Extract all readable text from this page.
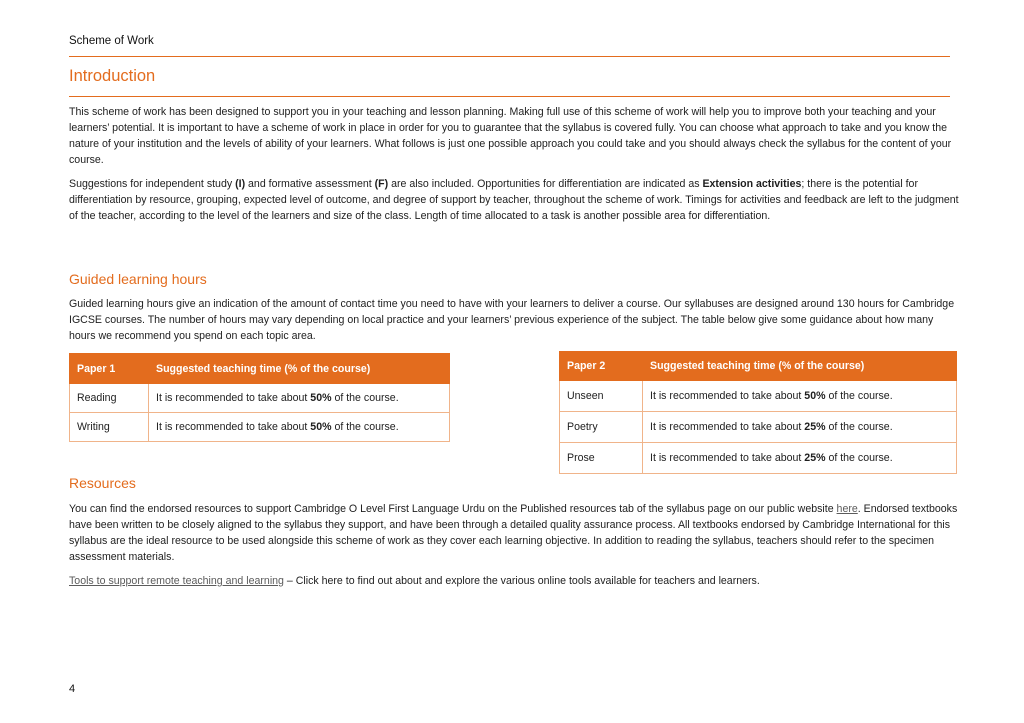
Scheme of Work
Introduction

This scheme of work has been designed to support you in your teaching and lesson planning. Making full use of this scheme of work will help you to improve both your teaching and your learners’ potential. It is important to have a scheme of work in place in order for you to guarantee that the syllabus is covered fully. You can choose what approach to take and you know the nature of your institution and the levels of ability of your learners. What follows is just one possible approach you could take and you should always check the syllabus for the content of your course.

Suggestions for independent study (I) and formative assessment (F) are also included. Opportunities for differentiation are indicated as Extension activities; there is the potential for differentiation by resource, grouping, expected level of outcome, and degree of support by teacher, throughout the scheme of work. Timings for activities and feedback are left to the judgment of the teacher, according to the level of the learners and size of the class. Length of time allocated to a task is another possible area for differentiation.

Guided learning hours

Guided learning hours give an indication of the amount of contact time you need to have with your learners to deliver a course. Our syllabuses are designed around 130 hours for Cambridge IGCSE courses. The number of hours may vary depending on local practice and your learners’ previous experience of the subject. The table below give some guidance about how many hours we recommend you spend on each topic area.

Paper 1	Suggested teaching time (% of the course)
Reading	It is recommended to take about 50% of the course.
Writing	It is recommended to take about 50% of the course.
Paper 2	Suggested teaching time (% of the course)
Unseen	It is recommended to take about 50% of the course.
Poetry	It is recommended to take about 25% of the course.
Prose	It is recommended to take about 25% of the course.
Resources

You can find the endorsed resources to support Cambridge O Level First Language Urdu on the Published resources tab of the syllabus page on our public website here. Endorsed textbooks have been written to be closely aligned to the syllabus they support, and have been through a detailed quality assurance process. All textbooks endorsed by Cambridge International for this syllabus are the ideal resource to be used alongside this scheme of work as they cover each learning objective. In addition to reading the syllabus, teachers should refer to the specimen assessment materials.

Tools to support remote teaching and learning – Click here to find out about and explore the various online tools available for teachers and learners.

4
